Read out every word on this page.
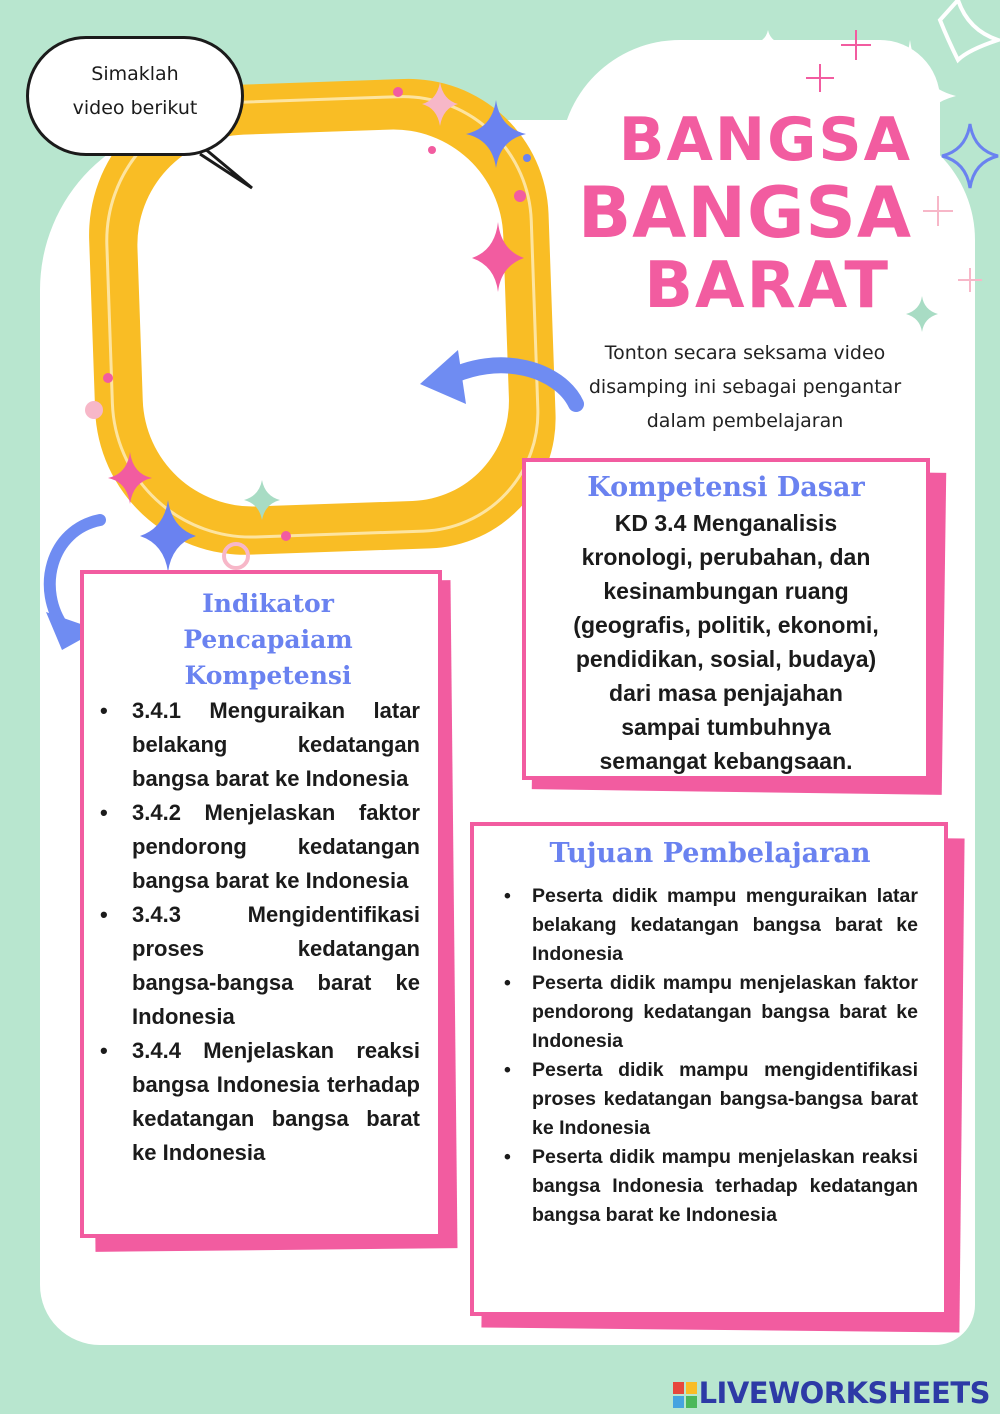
Simaklah
video berikut	BANGSA
BANGSA
BARAT
Tonton secara seksama video
disamping ini sebagai pengantar
dalam pembelajaran
Kompetensi Dasar

KD 3.4 Menganalisis

kronologi, perubahan, dan

kesinambungan ruang

(geografis, politik, ekonomi,

pendidikan, sosial, budaya)

dari masa penjajahan

sampai tumbuhnya

semangat kebangsaan.

Indikator Pencapaiam
Kompetensi
• 3.4.1 Menguraikan latar belakang kedatangan bangsa barat ke Indonesia
• 3.4.2 Menjelaskan faktor pendorong kedatangan bangsa barat ke Indonesia
• 3.4.3 Mengidentifikasi proses kedatangan bangsa-bangsa barat ke Indonesia
• 3.4.4 Menjelaskan reaksi bangsa Indonesia terhadap kedatangan bangsa barat ke Indonesia
Tujuan Pembelajaran
• Peserta didik mampu menguraikan latar belakang kedatangan bangsa barat ke Indonesia
• Peserta didik mampu menjelaskan faktor pendorong kedatangan bangsa barat ke Indonesia
• Peserta didik mampu mengidentifikasi proses kedatangan bangsa-bangsa barat ke Indonesia
• Peserta didik mampu menjelaskan reaksi bangsa Indonesia terhadap kedatangan bangsa barat ke Indonesia
LIVEWORKSHEETS
